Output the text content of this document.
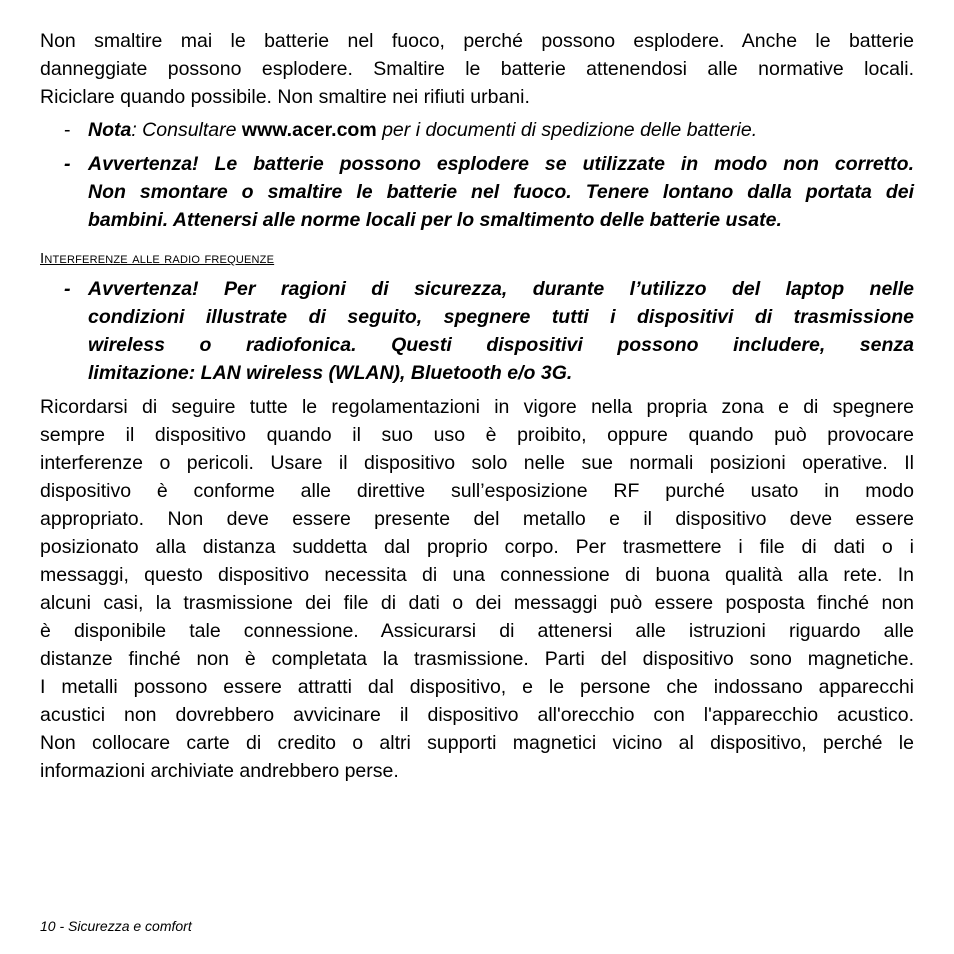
Non smaltire mai le batterie nel fuoco, perché possono esplodere. Anche le batterie
danneggiate possono esplodere. Smaltire le batterie attenendosi alle normative locali.
Riciclare quando possibile. Non smaltire nei rifiuti urbani.
- Nota: Consultare www.acer.com per i documenti di spedizione delle batterie.
- Avvertenza! Le batterie possono esplodere se utilizzate in modo non corretto.
Non smontare o smaltire le batterie nel fuoco. Tenere lontano dalla portata dei
bambini. Attenersi alle norme locali per lo smaltimento delle batterie usate.
Interferenze alle radio frequenze
- Avvertenza! Per ragioni di sicurezza, durante l’utilizzo del laptop nelle
condizioni illustrate di seguito, spegnere tutti i dispositivi di trasmissione
wireless o radiofonica. Questi dispositivi possono includere, senza
limitazione: LAN wireless (WLAN), Bluetooth e/o 3G.
Ricordarsi di seguire tutte le regolamentazioni in vigore nella propria zona e di spegnere
sempre il dispositivo quando il suo uso è proibito, oppure quando può provocare
interferenze o pericoli. Usare il dispositivo solo nelle sue normali posizioni operative. Il
dispositivo è conforme alle direttive sull’esposizione RF purché usato in modo
appropriato. Non deve essere presente del metallo e il dispositivo deve essere
posizionato alla distanza suddetta dal proprio corpo. Per trasmettere i file di dati o i
messaggi, questo dispositivo necessita di una connessione di buona qualità alla rete. In
alcuni casi, la trasmissione dei file di dati o dei messaggi può essere posposta finché non
è disponibile tale connessione. Assicurarsi di attenersi alle istruzioni riguardo alle
distanze finché non è completata la trasmissione. Parti del dispositivo sono magnetiche.
I metalli possono essere attratti dal dispositivo, e le persone che indossano apparecchi
acustici non dovrebbero avvicinare il dispositivo all'orecchio con l'apparecchio acustico.
Non collocare carte di credito o altri supporti magnetici vicino al dispositivo, perché le
informazioni archiviate andrebbero perse.
10 - Sicurezza e comfort
